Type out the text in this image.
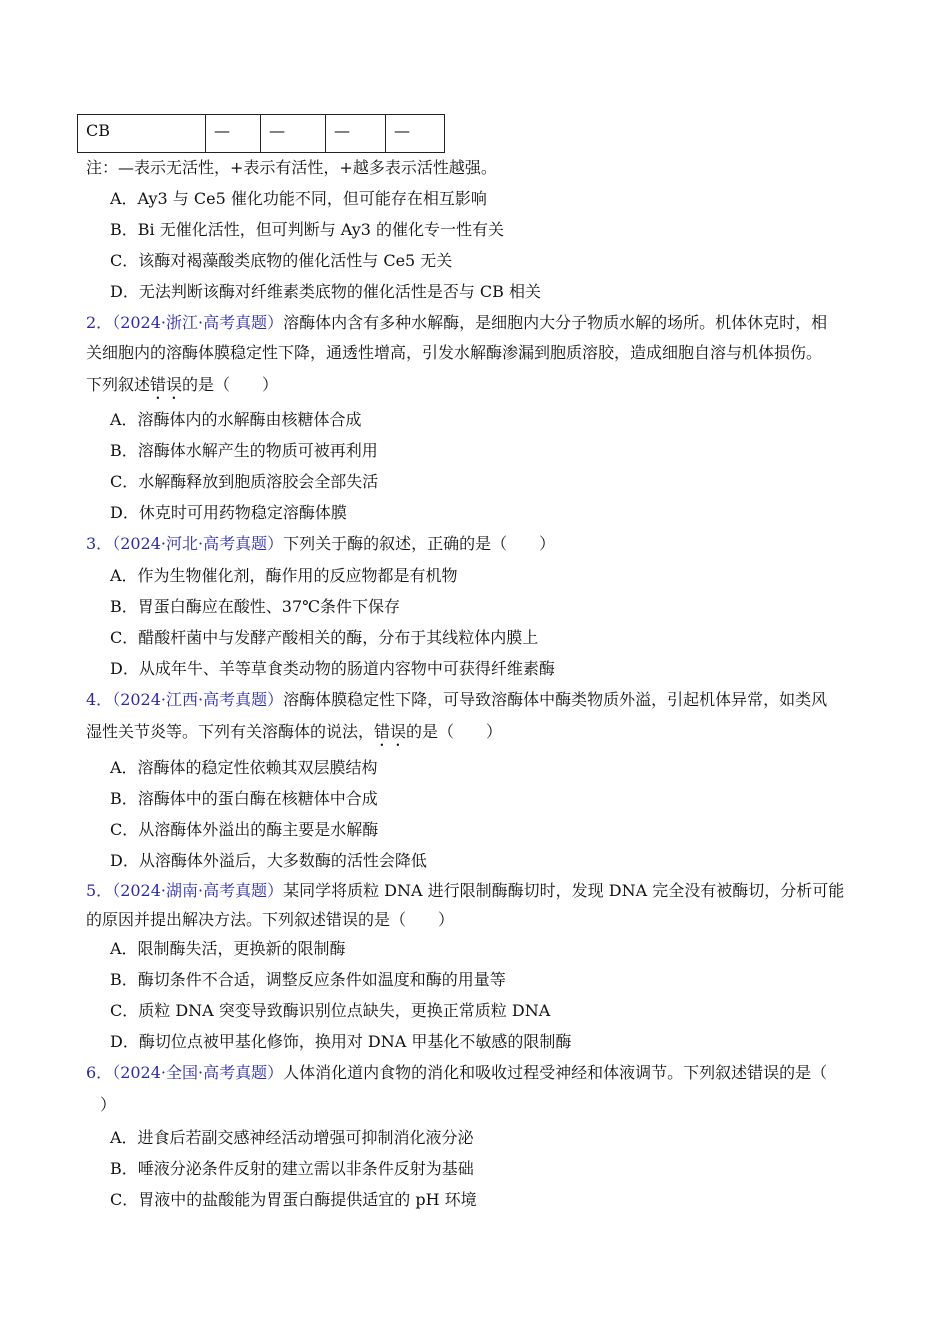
CB	—	—	—	—
注：—表示无活性，+表示有活性，+越多表示活性越强。
A．Ay3 与 Ce5 催化功能不同，但可能存在相互影响
B．Bi 无催化活性，但可判断与 Ay3 的催化专一性有关
C．该酶对褐藻酸类底物的催化活性与 Ce5 无关
D．无法判断该酶对纤维素类底物的催化活性是否与 CB 相关
2．（2024·浙江·高考真题）溶酶体内含有多种水解酶，是细胞内大分子物质水解的场所。机体休克时，相
关细胞内的溶酶体膜稳定性下降，通透性增高，引发水解酶渗漏到胞质溶胶，造成细胞自溶与机体损伤。
下列叙述错误的是（　　）
A．溶酶体内的水解酶由核糖体合成
B．溶酶体水解产生的物质可被再利用
C．水解酶释放到胞质溶胶会全部失活
D．休克时可用药物稳定溶酶体膜
3．（2024·河北·高考真题）下列关于酶的叙述，正确的是（　　）
A．作为生物催化剂，酶作用的反应物都是有机物
B．胃蛋白酶应在酸性、37℃条件下保存
C．醋酸杆菌中与发酵产酸相关的酶，分布于其线粒体内膜上
D．从成年牛、羊等草食类动物的肠道内容物中可获得纤维素酶
4．（2024·江西·高考真题）溶酶体膜稳定性下降，可导致溶酶体中酶类物质外溢，引起机体异常，如类风
湿性关节炎等。下列有关溶酶体的说法，错误的是（　　）
A．溶酶体的稳定性依赖其双层膜结构
B．溶酶体中的蛋白酶在核糖体中合成
C．从溶酶体外溢出的酶主要是水解酶
D．从溶酶体外溢后，大多数酶的活性会降低
5．（2024·湖南·高考真题）某同学将质粒 DNA 进行限制酶酶切时，发现 DNA 完全没有被酶切，分析可能
的原因并提出解决方法。下列叙述错误的是（　　）
A．限制酶失活，更换新的限制酶
B．酶切条件不合适，调整反应条件如温度和酶的用量等
C．质粒 DNA 突变导致酶识别位点缺失，更换正常质粒 DNA
D．酶切位点被甲基化修饰，换用对 DNA 甲基化不敏感的限制酶
6．（2024·全国·高考真题）人体消化道内食物的消化和吸收过程受神经和体液调节。下列叙述错误的是（
）
A．进食后若副交感神经活动增强可抑制消化液分泌
B．唾液分泌条件反射的建立需以非条件反射为基础
C．胃液中的盐酸能为胃蛋白酶提供适宜的 pH 环境
